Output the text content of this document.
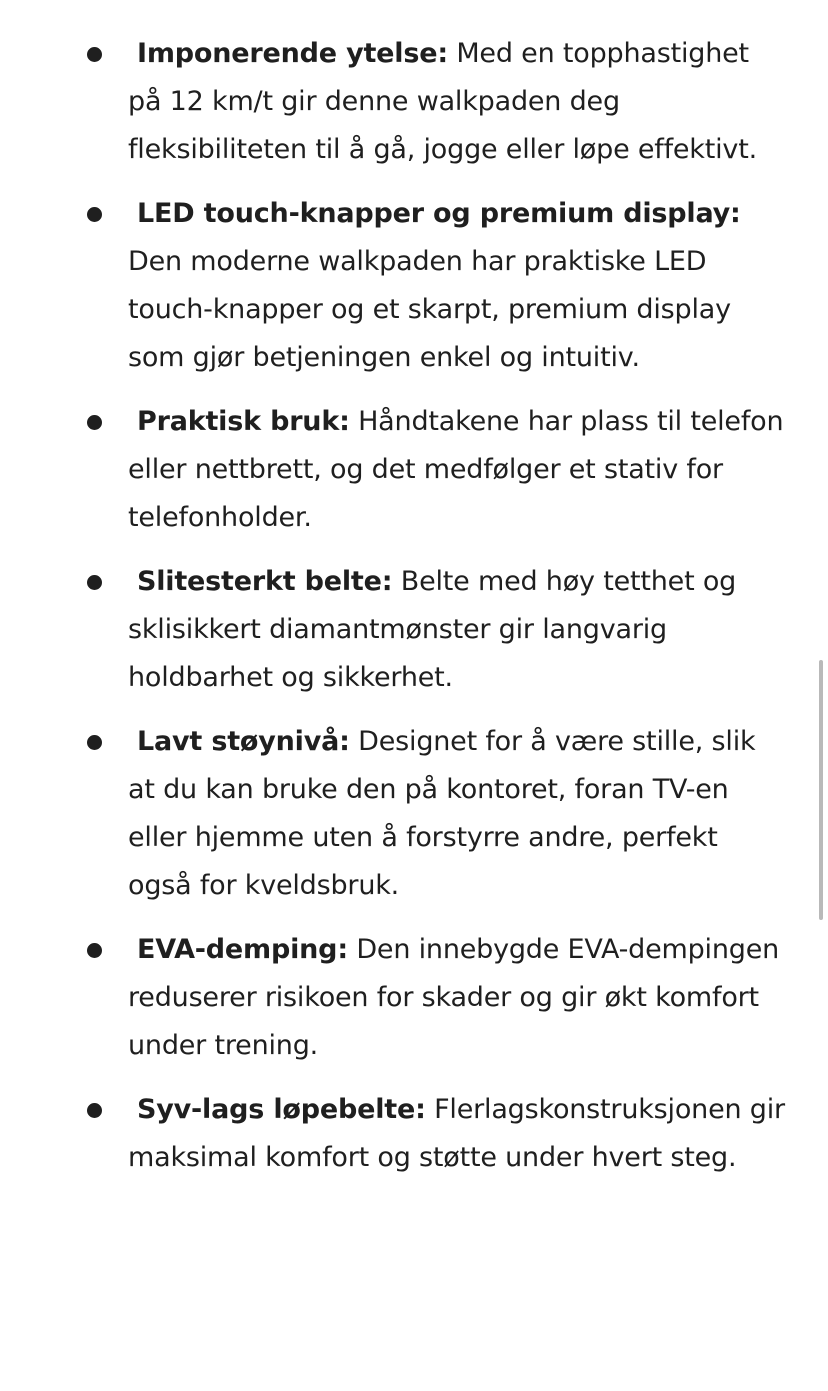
Imponerende ytelse: Med en topphastighet på 12 km/t gir denne walkpaden deg fleksibiliteten til å gå, jogge eller løpe effektivt.
LED touch-knapper og premium display: Den moderne walkpaden har praktiske LED touch-knapper og et skarpt, premium display som gjør betjeningen enkel og intuitiv.
Praktisk bruk: Håndtakene har plass til telefon eller nettbrett, og det medfølger et stativ for telefonholder.
Slitesterkt belte: Belte med høy tetthet og sklisikkert diamantmønster gir langvarig holdbarhet og sikkerhet.
Lavt støynivå: Designet for å være stille, slik at du kan bruke den på kontoret, foran TV-en eller hjemme uten å forstyrre andre, perfekt også for kveldsbruk.
EVA-demping: Den innebygde EVA-dempingen reduserer risikoen for skader og gir økt komfort under trening.
Syv-lags løpebelte: Flerlagskonstruksjonen gir maksimal komfort og støtte under hvert steg.
